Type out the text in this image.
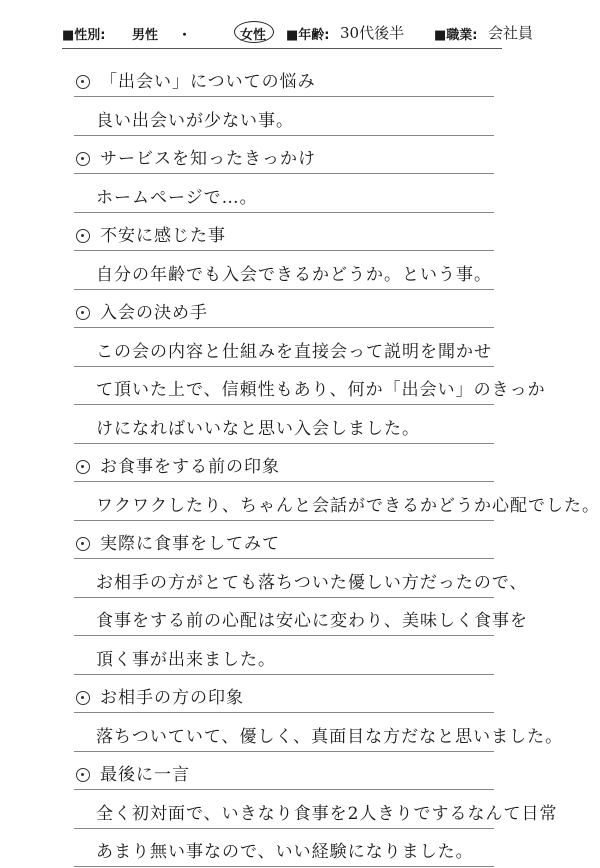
■性別: 男性 ・	女性 ■年齢: 30代後半 ■職業: 会社員
「出会い」についての悩み
良い出会いが少ない事。
サービスを知ったきっかけ
ホームページで…。
不安に感じた事
自分の年齢でも入会できるかどうか。という事。
入会の決め手
この会の内容と仕組みを直接会って説明を聞かせ
て頂いた上で、信頼性もあり、何か「出会い」のきっか
けになればいいなと思い入会しました。
お食事をする前の印象
ワクワクしたり、ちゃんと会話ができるかどうか心配でした。
実際に食事をしてみて
お相手の方がとても落ちついた優しい方だったので、
食事をする前の心配は安心に変わり、美味しく食事を
頂く事が出来ました。
お相手の方の印象
落ちついていて、優しく、真面目な方だなと思いました。
最後に一言
全く初対面で、いきなり食事を2人きりでするなんて日常
あまり無い事なので、いい経験になりました。
